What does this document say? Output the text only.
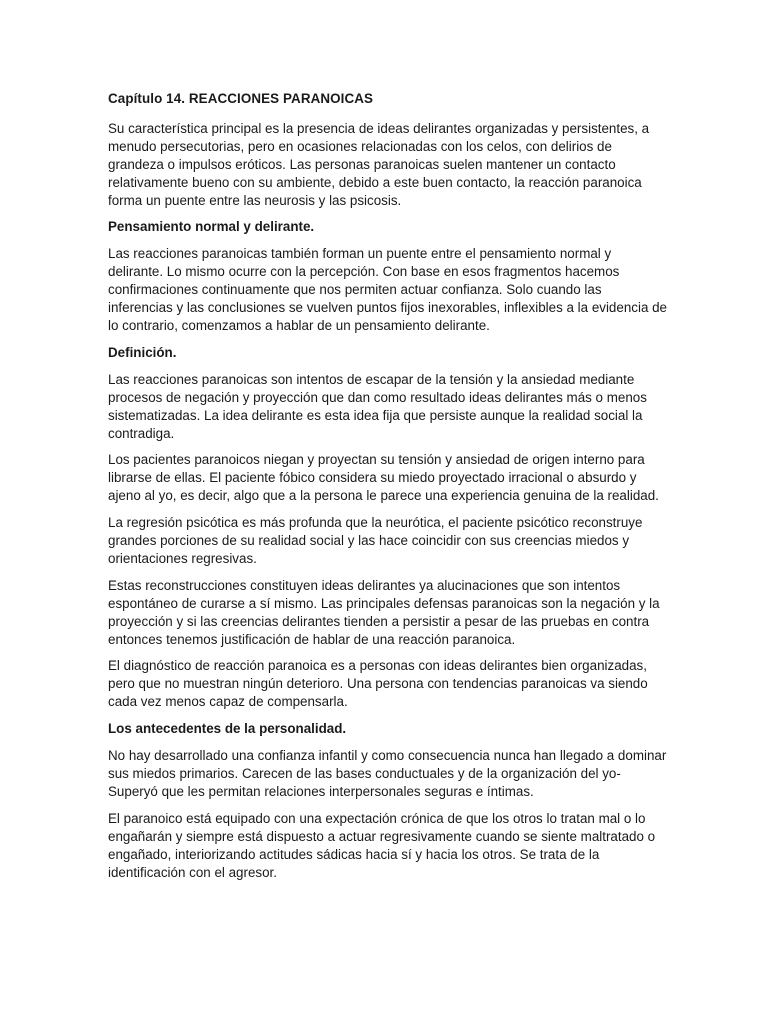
Capítulo 14. REACCIONES PARANOICAS

Su característica principal es la presencia de ideas delirantes organizadas y persistentes, a menudo persecutorias, pero en ocasiones relacionadas con los celos, con delirios de grandeza o impulsos eróticos. Las personas paranoicas suelen mantener un contacto relativamente bueno con su ambiente, debido a este buen contacto, la reacción paranoica forma un puente entre las neurosis y las psicosis.

Pensamiento normal y delirante.

Las reacciones paranoicas también forman un puente entre el pensamiento normal y delirante. Lo mismo ocurre con la percepción. Con base en esos fragmentos hacemos confirmaciones continuamente que nos permiten actuar confianza. Solo cuando las inferencias y las conclusiones se vuelven puntos fijos inexorables, inflexibles a la evidencia de lo contrario, comenzamos a hablar de un pensamiento delirante.

Definición.

Las reacciones paranoicas son intentos de escapar de la tensión y la ansiedad mediante procesos de negación y proyección que dan como resultado ideas delirantes más o menos sistematizadas. La idea delirante es esta idea fija que persiste aunque la realidad social la contradiga.

Los pacientes paranoicos niegan y proyectan su tensión y ansiedad de origen interno para librarse de ellas. El paciente fóbico considera su miedo proyectado irracional o absurdo y ajeno al yo, es decir, algo que a la persona le parece una experiencia genuina de la realidad.

La regresión psicótica es más profunda que la neurótica, el paciente psicótico reconstruye grandes porciones de su realidad social y las hace coincidir con sus creencias miedos y orientaciones regresivas.

Estas reconstrucciones constituyen ideas delirantes ya alucinaciones que son intentos espontáneo de curarse a sí mismo. Las principales defensas paranoicas son la negación y la proyección y si las creencias delirantes tienden a persistir a pesar de las pruebas en contra entonces tenemos justificación de hablar de una reacción paranoica.

El diagnóstico de reacción paranoica es a personas con ideas delirantes bien organizadas, pero que no muestran ningún deterioro. Una persona con tendencias paranoicas va siendo cada vez menos capaz de compensarla.

Los antecedentes de la personalidad.

No hay desarrollado una confianza infantil y como consecuencia nunca han llegado a dominar sus miedos primarios. Carecen de las bases conductuales y de la organización del yo-Superyó que les permitan relaciones interpersonales seguras e íntimas.

El paranoico está equipado con una expectación crónica de que los otros lo tratan mal o lo engañarán y siempre está dispuesto a actuar regresivamente cuando se siente maltratado o engañado, interiorizando actitudes sádicas hacia sí y hacia los otros. Se trata de la identificación con el agresor.
